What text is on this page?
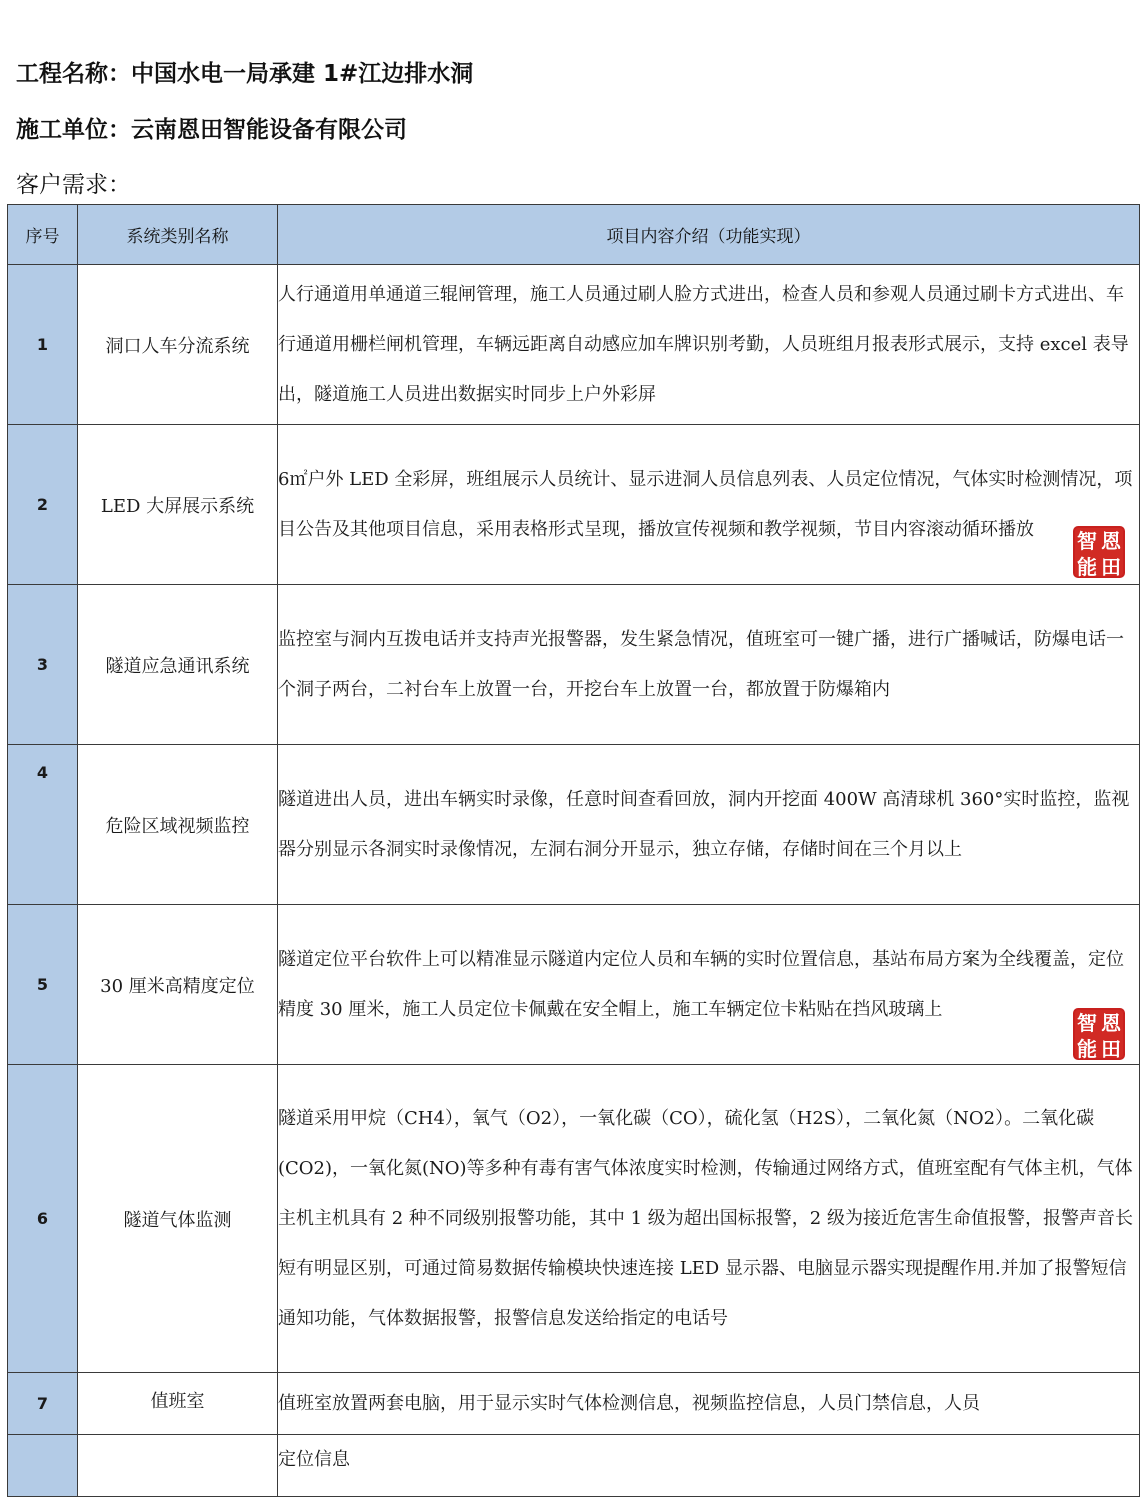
工程名称：中国水电一局承建 1#江边排水洞
施工单位：云南恩田智能设备有限公司
客户需求：
序号	系统类别名称	项目内容介绍（功能实现）
1	洞口人车分流系统	人行通道用单通道三辊闸管理，施工人员通过刷人脸方式进出，检查人员和参观人员通过刷卡方式进出、车行通道用栅栏闸机管理，车辆远距离自动感应加车牌识别考勤，人员班组月报表形式展示，支持 excel 表导出，隧道施工人员进出数据实时同步上户外彩屏
2	LED 大屏展示系统	6㎡户外 LED 全彩屏，班组展示人员统计、显示进洞人员信息列表、人员定位情况，气体实时检测情况，项目公告及其他项目信息，采用表格形式呈现，播放宣传视频和教学视频，节目内容滚动循环播放 智 恩
能 田

3	隧道应急通讯系统	监控室与洞内互拨电话并支持声光报警器，发生紧急情况，值班室可一键广播，进行广播喊话，防爆电话一个洞子两台，二衬台车上放置一台，开挖台车上放置一台，都放置于防爆箱内
4	危险区域视频监控	隧道进出人员，进出车辆实时录像，任意时间查看回放，洞内开挖面 400W 高清球机 360°实时监控，监视器分别显示各洞实时录像情况，左洞右洞分开显示，独立存储，存储时间在三个月以上
5	30 厘米高精度定位	隧道定位平台软件上可以精准显示隧道内定位人员和车辆的实时位置信息，基站布局方案为全线覆盖，定位精度 30 厘米，施工人员定位卡佩戴在安全帽上，施工车辆定位卡粘贴在挡风玻璃上
智 恩
能 田

6	隧道气体监测	隧道采用甲烷（CH4），氧气（O2），一氧化碳（CO），硫化氢（H2S），二氧化氮（NO2）。二氧化碳(CO2)，一氧化氮(NO)等多种有毒有害气体浓度实时检测，传输通过网络方式，值班室配有气体主机，气体主机主机具有 2 种不同级别报警功能，其中 1 级为超出国标报警，2 级为接近危害生命值报警，报警声音长短有明显区别，可通过简易数据传输模块快速连接 LED 显示器、电脑显示器实现提醒作用.并加了报警短信通知功能，气体数据报警，报警信息发送给指定的电话号
7	值班室	值班室放置两套电脑，用于显示实时气体检测信息，视频监控信息，人员门禁信息，人员
		定位信息
